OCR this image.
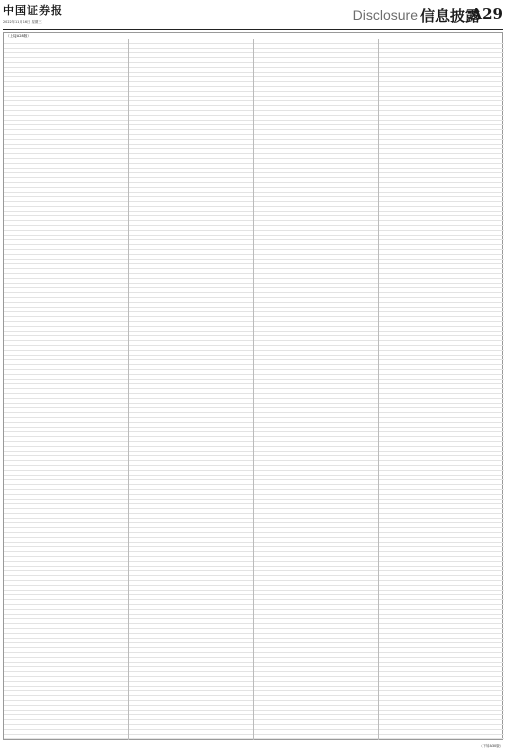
中国证券报
2022年11月16日 星期三	Disclosure 信息披露
A29
（上接A28版）
（下转A30版）
